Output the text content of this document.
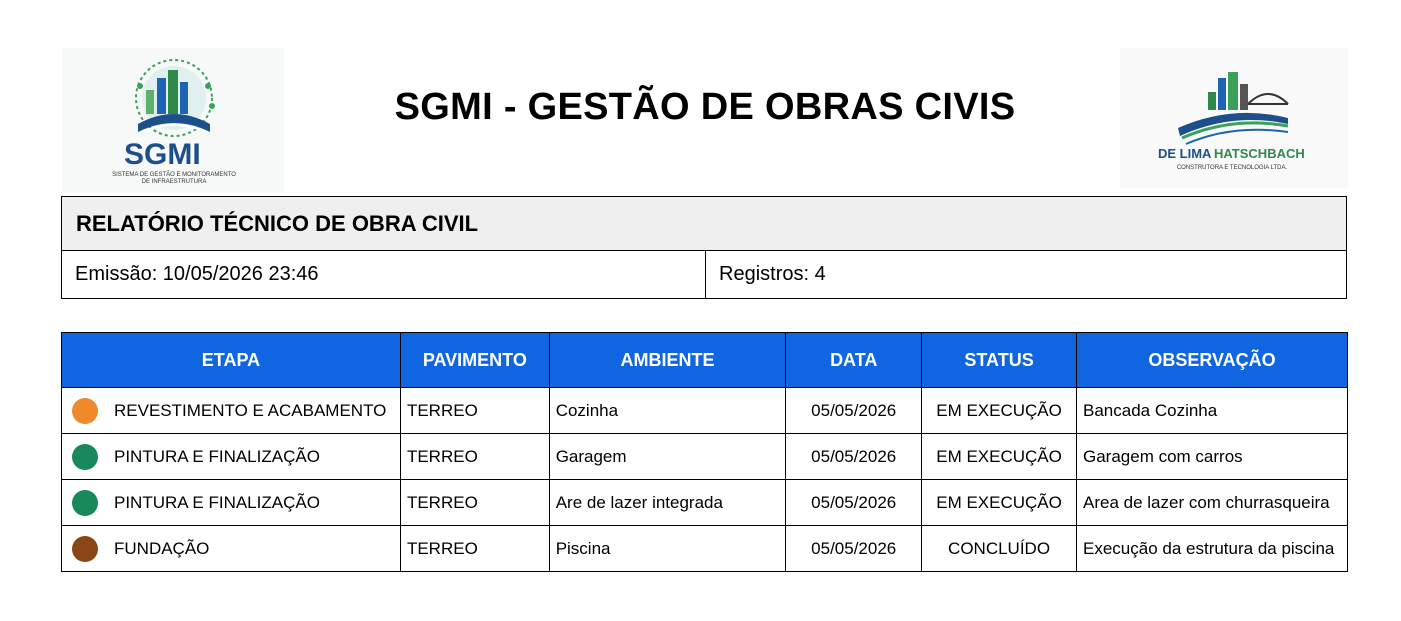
SGMI
SISTEMA DE GESTÃO E MONITORAMENTO
DE INFRAESTRUTURA
SGMI - GESTÃO DE OBRAS CIVIS
DE LIMA HATSCHBACH
CONSTRUTORA E TECNOLOGIA LTDA.
RELATÓRIO TÉCNICO DE OBRA CIVIL
Emissão: 10/05/2026 23:46	Registros: 4
ETAPA	PAVIMENTO	AMBIENTE	DATA	STATUS	OBSERVAÇÃO
REVESTIMENTO E ACABAMENTO	TERREO	Cozinha	05/05/2026	EM EXECUÇÃO	Bancada Cozinha
PINTURA E FINALIZAÇÃO	TERREO	Garagem	05/05/2026	EM EXECUÇÃO	Garagem com carros
PINTURA E FINALIZAÇÃO	TERREO	Are de lazer integrada	05/05/2026	EM EXECUÇÃO	Area de lazer com churrasqueira
FUNDAÇÃO	TERREO	Piscina	05/05/2026	CONCLUÍDO	Execução da estrutura da piscina
